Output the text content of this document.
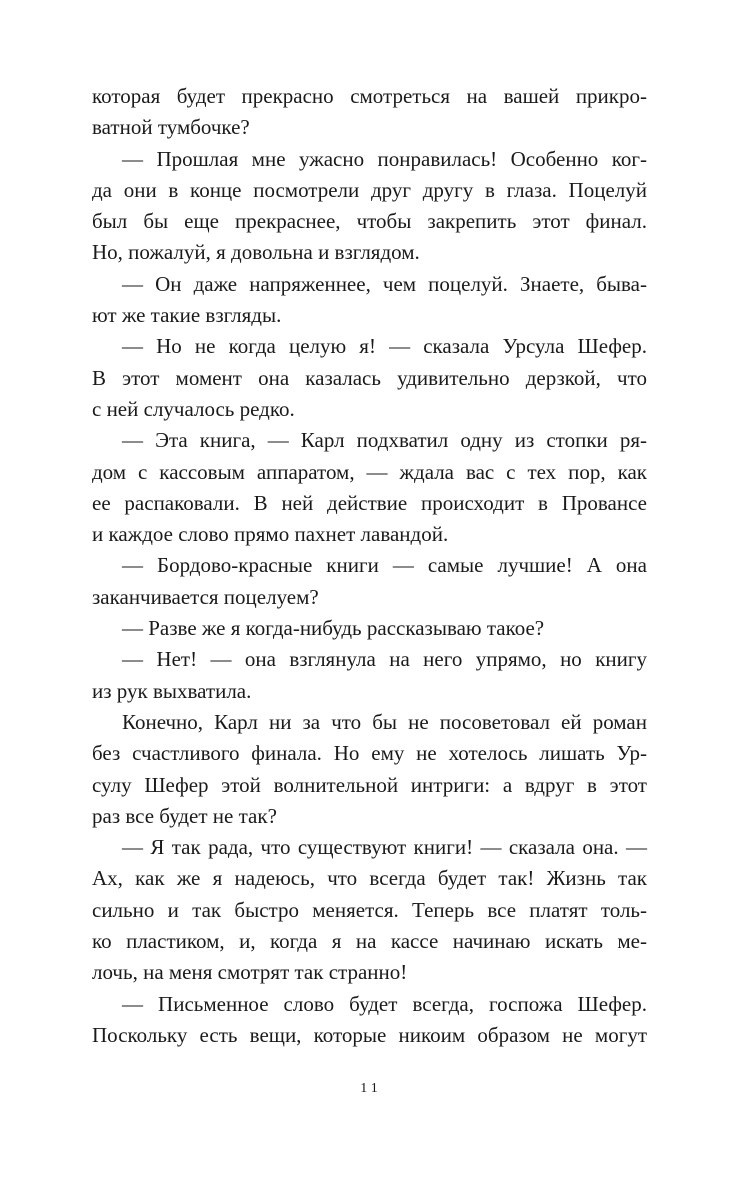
которая будет прекрасно смотреться на вашей прикро-
ватной тумбочке?
— Прошлая мне ужасно понравилась! Особенно ког-
да они в конце посмотрели друг другу в глаза. Поцелуй
был бы еще прекраснее, чтобы закрепить этот финал.
Но, пожалуй, я довольна и взглядом.
— Он даже напряженнее, чем поцелуй. Знаете, быва-
ют же такие взгляды.
— Но не когда целую я! — сказала Урсула Шефер.
В этот момент она казалась удивительно дерзкой, что
с ней случалось редко.
— Эта книга, — Карл подхватил одну из стопки ря-
дом с кассовым аппаратом, — ждала вас с тех пор, как
ее распаковали. В ней действие происходит в Провансе
и каждое слово прямо пахнет лавандой.
— Бордово-красные книги — самые лучшие! А она
заканчивается поцелуем?
— Разве же я когда-нибудь рассказываю такое?
— Нет! — она взглянула на него упрямо, но книгу
из рук выхватила.
Конечно, Карл ни за что бы не посоветовал ей роман
без счастливого финала. Но ему не хотелось лишать Ур-
сулу Шефер этой волнительной интриги: а вдруг в этот
раз все будет не так?
— Я так рада, что существуют книги! — сказала она. —
Ах, как же я надеюсь, что всегда будет так! Жизнь так
сильно и так быстро меняется. Теперь все платят толь-
ко пластиком, и, когда я на кассе начинаю искать ме-
лочь, на меня смотрят так странно!
— Письменное слово будет всегда, госпожа Шефер.
Поскольку есть вещи, которые никоим образом не могут
11
